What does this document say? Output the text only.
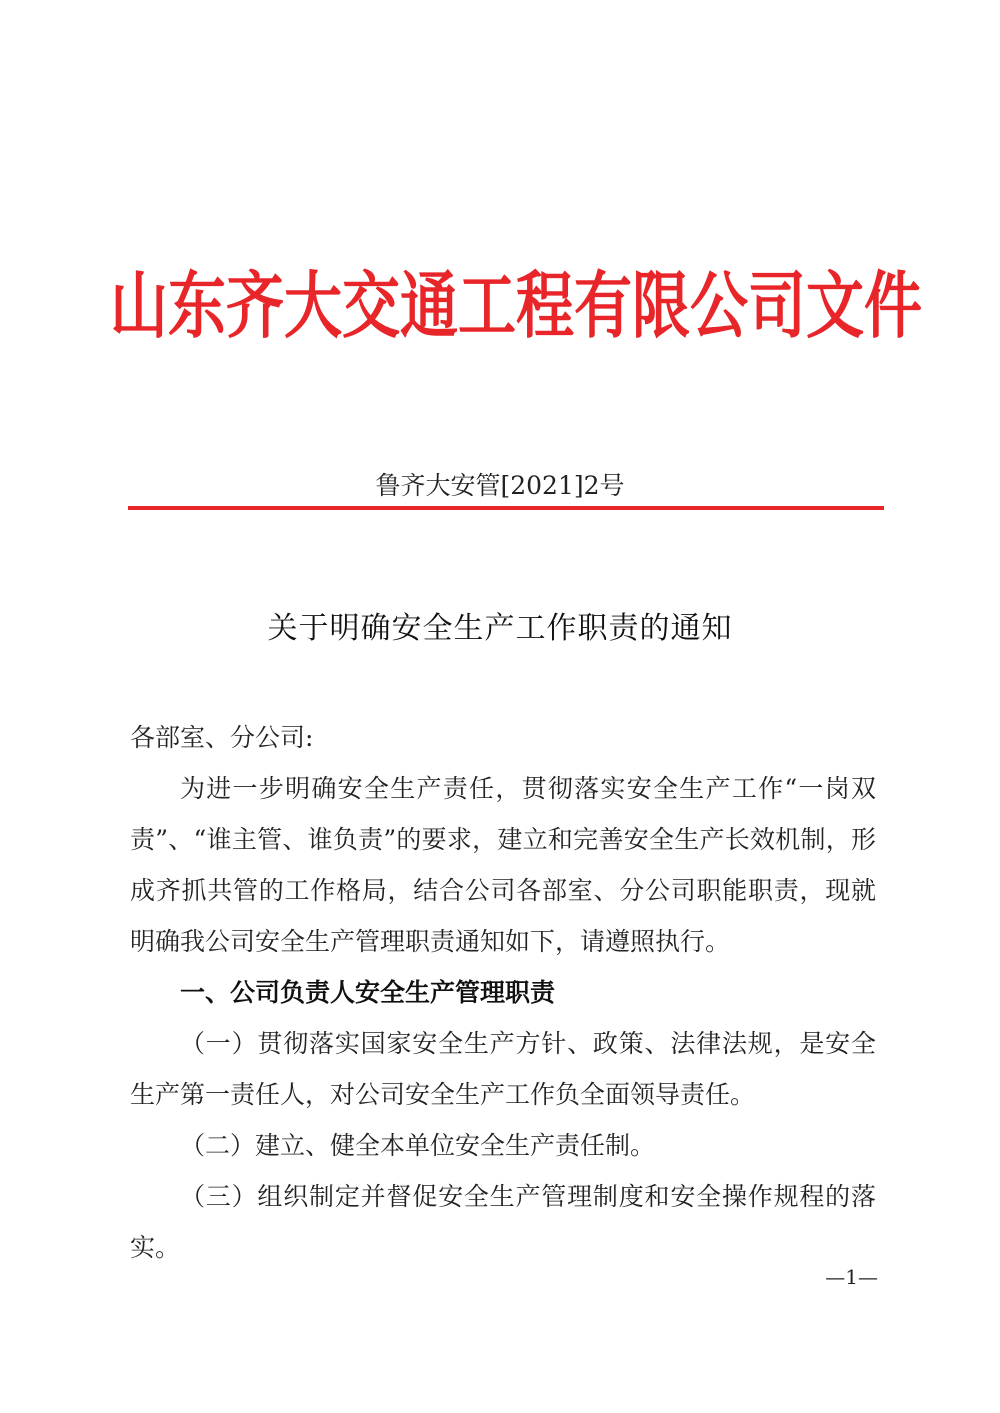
山东齐大交通工程有限公司文件
鲁齐大安管[2021]2号
关于明确安全生产工作职责的通知

各部室、分公司:

为进一步明确安全生产责任，贯彻落实安全生产工作“一岗双责”、“谁主管、谁负责”的要求，建立和完善安全生产长效机制，形成齐抓共管的工作格局，结合公司各部室、分公司职能职责，现就明确我公司安全生产管理职责通知如下，请遵照执行。

一、公司负责人安全生产管理职责

（一）贯彻落实国家安全生产方针、政策、法律法规，是安全生产第一责任人，对公司安全生产工作负全面领导责任。

（二）建立、健全本单位安全生产责任制。

（三）组织制定并督促安全生产管理制度和安全操作规程的落实。

—1—
